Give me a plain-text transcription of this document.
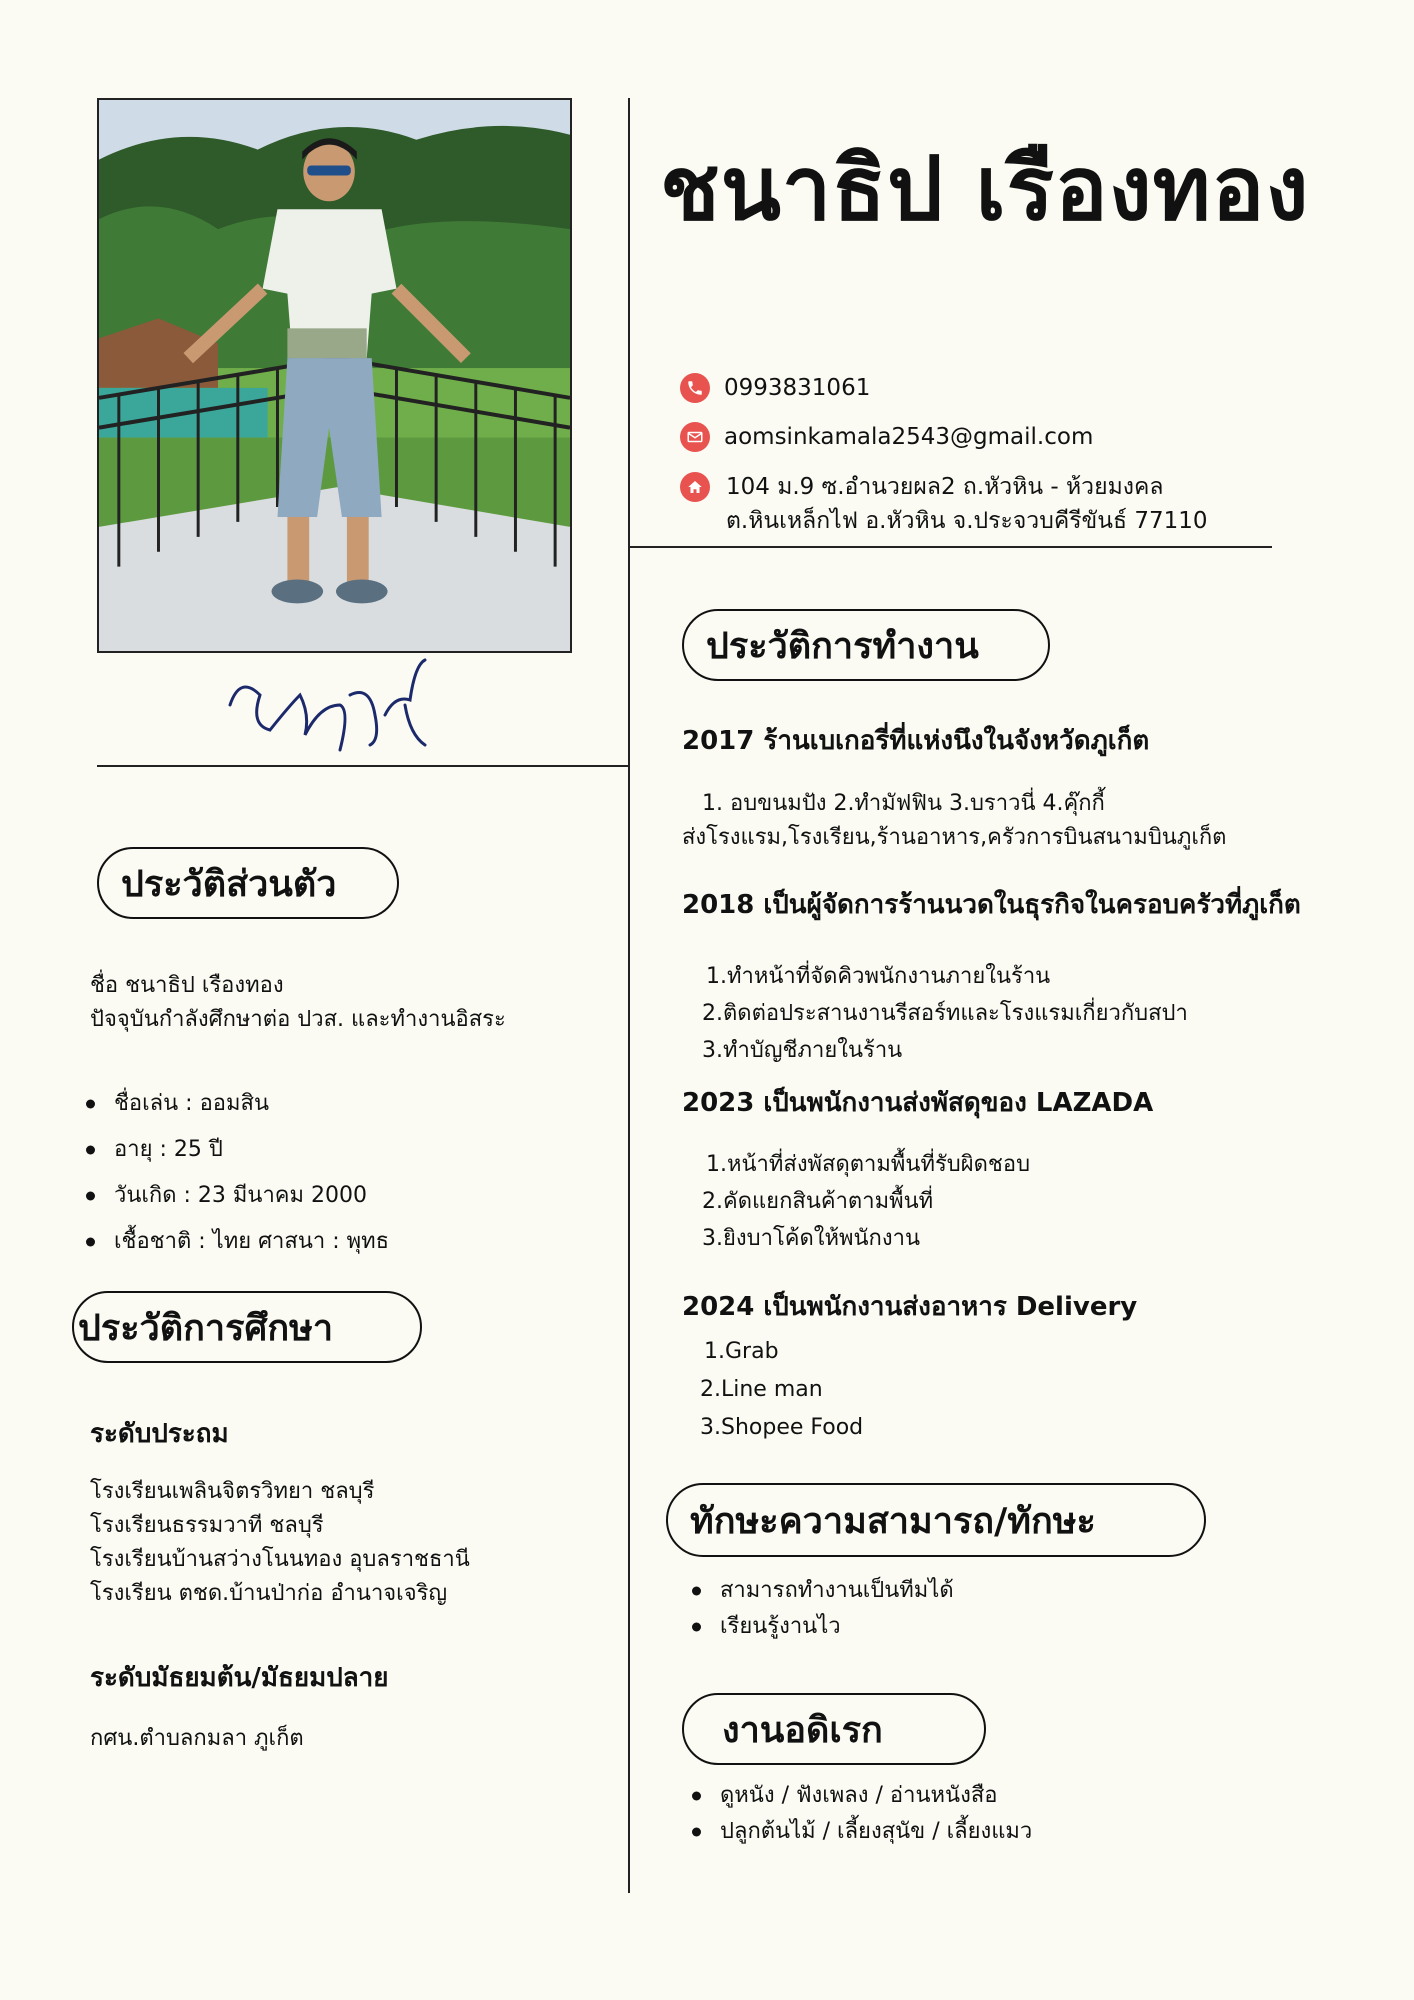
ชนาธิป เรืองทอง
0993831061
aomsinkamala2543@gmail.com
104 ม.9 ซ.อำนวยผล2 ถ.หัวหิน - ห้วยมงคล
ต.หินเหล็กไฟ อ.หัวหิน จ.ประจวบคีรีขันธ์ 77110
ประวัติส่วนตัว
ชื่อ ชนาธิป เรืองทอง
ปัจจุบันกำลังศึกษาต่อ ปวส. และทำงานอิสระ
ชื่อเล่น : ออมสิน
อายุ : 25 ปี
วันเกิด : 23 มีนาคม 2000
เชื้อชาติ : ไทย ศาสนา : พุทธ
ประวัติการศึกษา
ระดับประถม
โรงเรียนเพลินจิตรวิทยา ชลบุรี
โรงเรียนธรรมวาที ชลบุรี
โรงเรียนบ้านสว่างโนนทอง อุบลราชธานี
โรงเรียน ตชด.บ้านป่าก่อ อำนาจเจริญ
ระดับมัธยมต้น/มัธยมปลาย
กศน.ตำบลกมลา ภูเก็ต
ประวัติการทำงาน
2017 ร้านเบเกอรี่ที่แห่งนึงในจังหวัดภูเก็ต
1. อบขนมปัง 2.ทำมัฟฟิน 3.บราวนี่ 4.คุ๊กกี้
ส่งโรงแรม,โรงเรียน,ร้านอาหาร,ครัวการบินสนามบินภูเก็ต
2018 เป็นผู้จัดการร้านนวดในธุรกิจในครอบครัวที่ภูเก็ต
1.ทำหน้าที่จัดคิวพนักงานภายในร้าน
2.ติดต่อประสานงานรีสอร์ทและโรงแรมเกี่ยวกับสปา
3.ทำบัญชีภายในร้าน
2023 เป็นพนักงานส่งพัสดุของ LAZADA
1.หน้าที่ส่งพัสดุตามพื้นที่รับผิดชอบ
2.คัดแยกสินค้าตามพื้นที่
3.ยิงบาโค้ดให้พนักงาน
2024 เป็นพนักงานส่งอาหาร Delivery
1.Grab
2.Line man
3.Shopee Food
ทักษะความสามารถ/ทักษะ
สามารถทำงานเป็นทีมได้
เรียนรู้งานไว
งานอดิเรก
ดูหนัง / ฟังเพลง / อ่านหนังสือ
ปลูกต้นไม้ / เลี้ยงสุนัข / เลี้ยงแมว
